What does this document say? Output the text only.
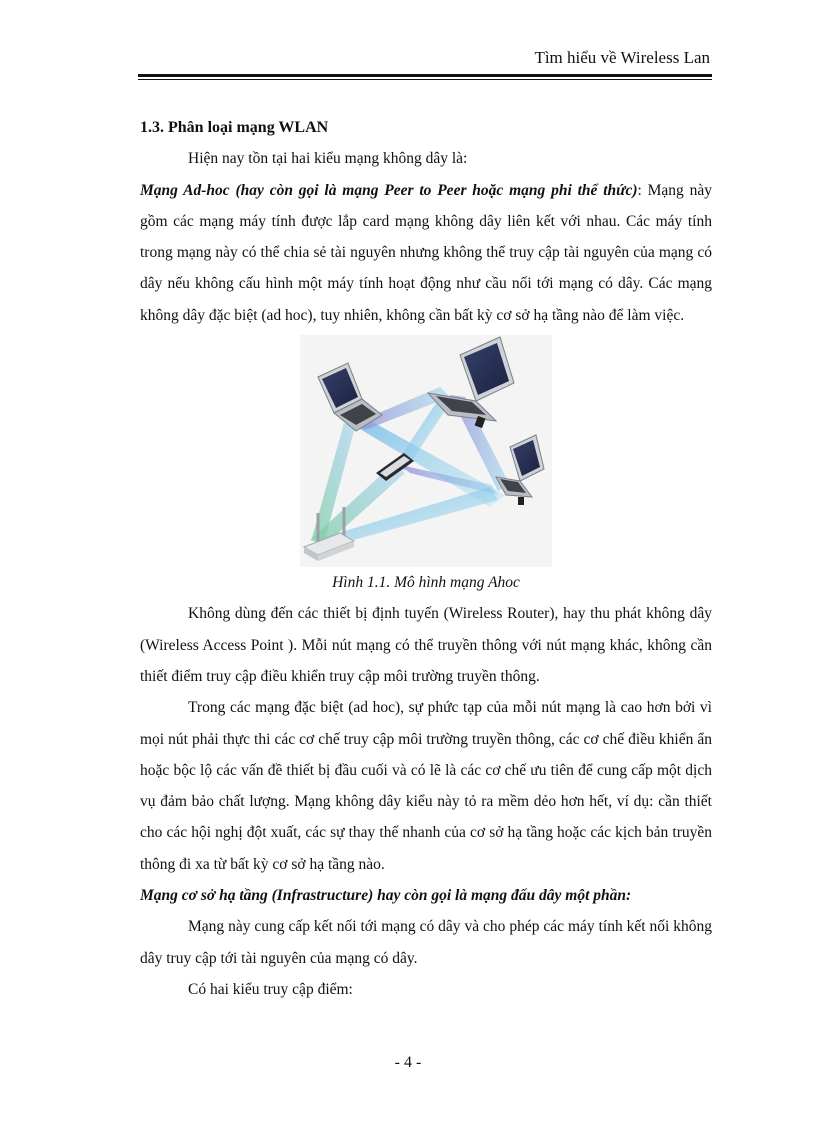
Tìm hiểu về Wireless Lan

1.3. Phân loại mạng WLAN

Hiện nay tồn tại hai kiểu mạng không dây là:

Mạng Ad-hoc (hay còn gọi là mạng Peer to Peer hoặc mạng phi thể thức): Mạng này gồm các mạng máy tính được lắp card mạng không dây liên kết với nhau. Các máy tính trong mạng này có thể chia sẻ tài nguyên nhưng không thể truy cập tài nguyên của mạng có dây nếu không cấu hình một máy tính hoạt động như cầu nối tới mạng có dây. Các mạng không dây đặc biệt (ad hoc), tuy nhiên, không cần bất kỳ cơ sở hạ tầng nào để làm việc.

Hình 1.1. Mô hình mạng Ahoc

Không dùng đến các thiết bị định tuyến (Wireless Router), hay thu phát không dây (Wireless Access Point ). Mỗi nút mạng có thể truyền thông với nút mạng khác, không cần thiết điểm truy cập điều khiển truy cập môi trường truyền thông.

Trong các mạng đặc biệt (ad hoc), sự phức tạp của mỗi nút mạng là cao hơn bởi vì mọi nút phải thực thi các cơ chế truy cập môi trường truyền thông, các cơ chế điều khiển ẩn hoặc bộc lộ các vấn đề thiết bị đầu cuối và có lẽ là các cơ chế ưu tiên để cung cấp một dịch vụ đảm bảo chất lượng. Mạng không dây kiểu này tỏ ra mềm dẻo hơn hết, ví dụ: cần thiết cho các hội nghị đột xuất, các sự thay thế nhanh của cơ sở hạ tầng hoặc các kịch bản truyền thông đi xa từ bất kỳ cơ sở hạ tầng nào.

Mạng cơ sở hạ tầng (Infrastructure) hay còn gọi là mạng đấu dây một phần:

Mạng này cung cấp kết nối tới mạng có dây và cho phép các máy tính kết nối không dây truy cập tới tài nguyên của mạng có dây.

Có hai kiểu truy cập điểm:

- 4 -
